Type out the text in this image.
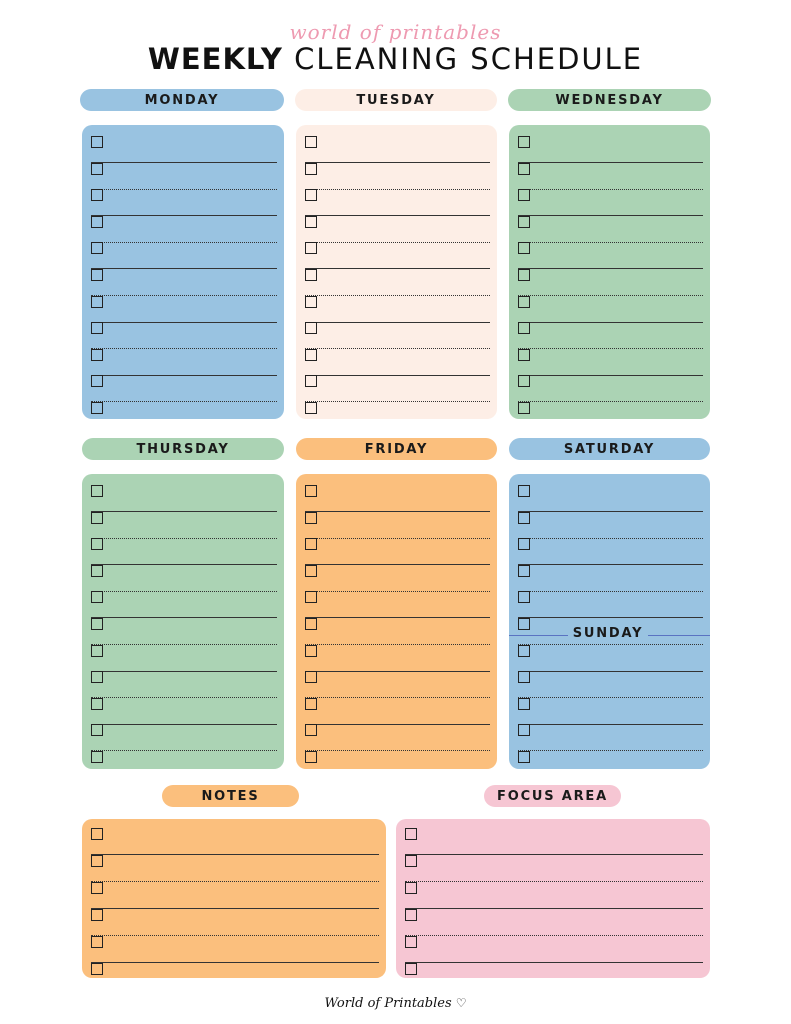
world of printables
WEEKLY CLEANING SCHEDULE
MONDAY	TUESDAY	WEDNESDAY
THURSDAY	FRIDAY	SATURDAY
SUNDAY
NOTES	FOCUS AREA
World of Printables ♡
